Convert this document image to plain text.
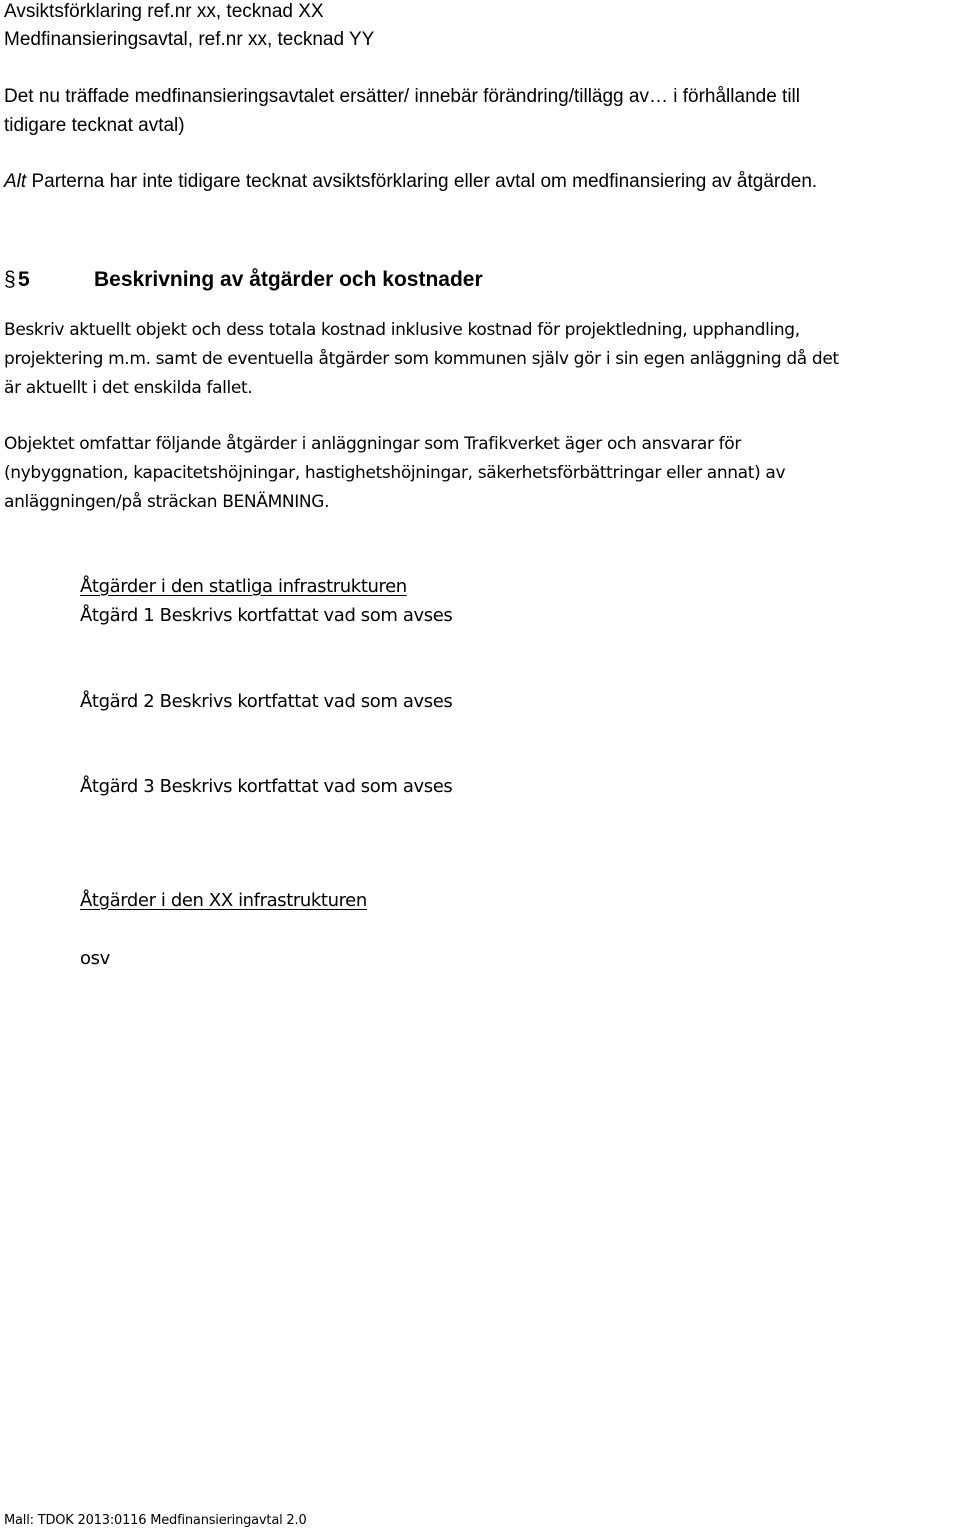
Avsiktsförklaring ref.nr xx, tecknad XX
Medfinansieringsavtal, ref.nr xx, tecknad YY
Det nu träffade medfinansieringsavtalet ersätter/ innebär förändring/tillägg av… i förhållande till
tidigare tecknat avtal)
Alt Parterna har inte tidigare tecknat avsiktsförklaring eller avtal om medfinansiering av åtgärden.
§ 5	Beskrivning av åtgärder och kostnader
Beskriv aktuellt objekt och dess totala kostnad inklusive kostnad för projektledning, upphandling,
projektering m.m. samt de eventuella åtgärder som kommunen själv gör i sin egen anläggning då det
är aktuellt i det enskilda fallet.
Objektet omfattar följande åtgärder i anläggningar som Trafikverket äger och ansvarar för
(nybyggnation, kapacitetshöjningar, hastighetshöjningar, säkerhetsförbättringar eller annat) av
anläggningen/på sträckan BENÄMNING.
Åtgärder i den statliga infrastrukturen
Åtgärd 1 Beskrivs kortfattat vad som avses
Åtgärd 2 Beskrivs kortfattat vad som avses
Åtgärd 3 Beskrivs kortfattat vad som avses
Åtgärder i den XX infrastrukturen
osv
Mall: TDOK 2013:0116 Medfinansieringavtal 2.0
